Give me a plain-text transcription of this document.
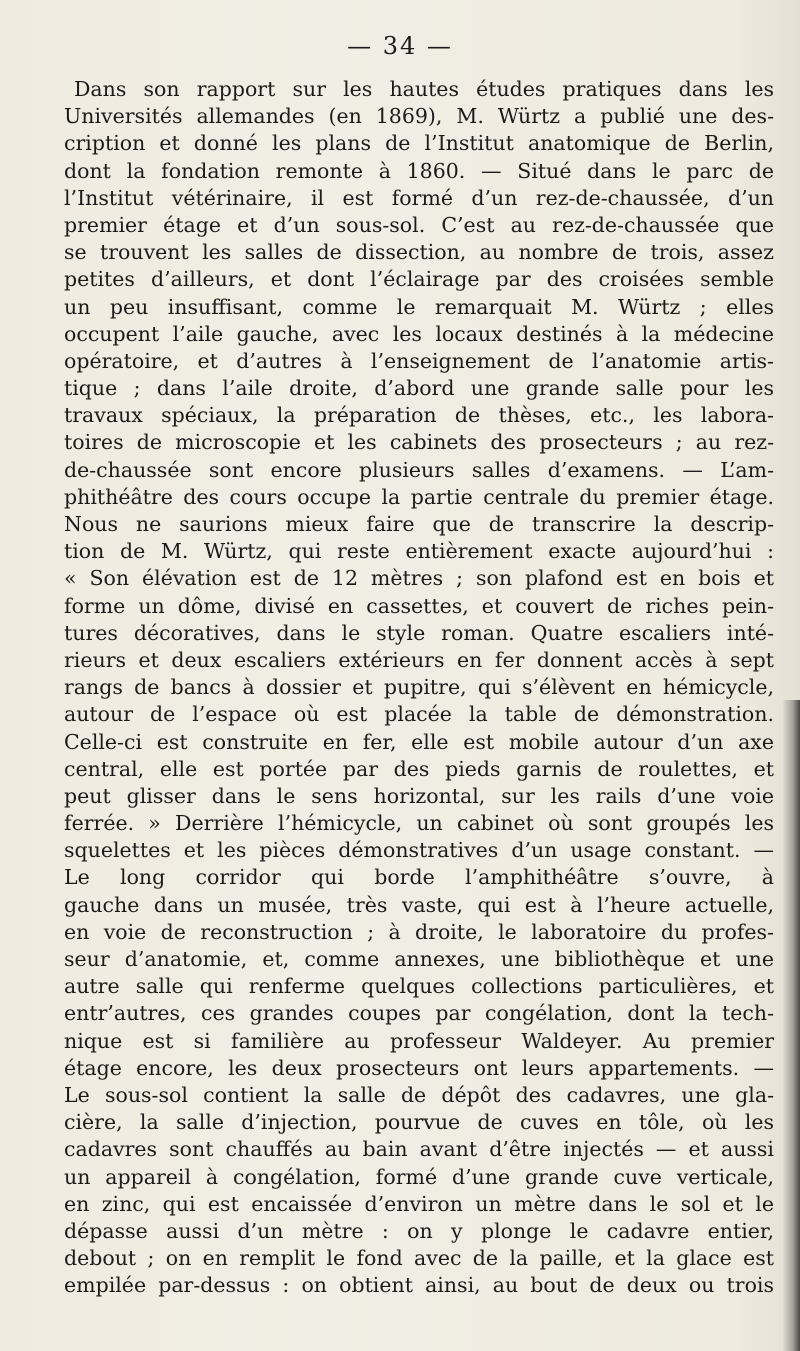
— 34 —
Dans son rapport sur les hautes études pratiques dans les
Universités allemandes (en 1869), M. Würtz a publié une des-
cription et donné les plans de l’Institut anatomique de Berlin,
dont la fondation remonte à 1860. — Situé dans le parc de
l’Institut vétérinaire, il est formé d’un rez-de-chaussée, d’un
premier étage et d’un sous-sol. C’est au rez-de-chaussée que
se trouvent les salles de dissection, au nombre de trois, assez
petites d’ailleurs, et dont l’éclairage par des croisées semble
un peu insuffisant, comme le remarquait M. Würtz ; elles
occupent l’aile gauche, avec les locaux destinés à la médecine
opératoire, et d’autres à l’enseignement de l’anatomie artis-
tique ; dans l’aile droite, d’abord une grande salle pour les
travaux spéciaux, la préparation de thèses, etc., les labora-
toires de microscopie et les cabinets des prosecteurs ; au rez-
de-chaussée sont encore plusieurs salles d’examens. — L’am-
phithéâtre des cours occupe la partie centrale du premier étage.
Nous ne saurions mieux faire que de transcrire la descrip-
tion de M. Würtz, qui reste entièrement exacte aujourd’hui :
« Son élévation est de 12 mètres ; son plafond est en bois et
forme un dôme, divisé en cassettes, et couvert de riches pein-
tures décoratives, dans le style roman. Quatre escaliers inté-
rieurs et deux escaliers extérieurs en fer donnent accès à sept
rangs de bancs à dossier et pupitre, qui s’élèvent en hémicycle,
autour de l’espace où est placée la table de démonstration.
Celle-ci est construite en fer, elle est mobile autour d’un axe
central, elle est portée par des pieds garnis de roulettes, et
peut glisser dans le sens horizontal, sur les rails d’une voie
ferrée. » Derrière l’hémicycle, un cabinet où sont groupés les
squelettes et les pièces démonstratives d’un usage constant. —
Le long corridor qui borde l’amphithéâtre s’ouvre, à
gauche dans un musée, très vaste, qui est à l’heure actuelle,
en voie de reconstruction ; à droite, le laboratoire du profes-
seur d’anatomie, et, comme annexes, une bibliothèque et une
autre salle qui renferme quelques collections particulières, et
entr’autres, ces grandes coupes par congélation, dont la tech-
nique est si familière au professeur Waldeyer. Au premier
étage encore, les deux prosecteurs ont leurs appartements. —
Le sous-sol contient la salle de dépôt des cadavres, une gla-
cière, la salle d’injection, pourvue de cuves en tôle, où les
cadavres sont chauffés au bain avant d’être injectés — et aussi
un appareil à congélation, formé d’une grande cuve verticale,
en zinc, qui est encaissée d’environ un mètre dans le sol et le
dépasse aussi d’un mètre : on y plonge le cadavre entier,
debout ; on en remplit le fond avec de la paille, et la glace est
empilée par-dessus : on obtient ainsi, au bout de deux ou trois
